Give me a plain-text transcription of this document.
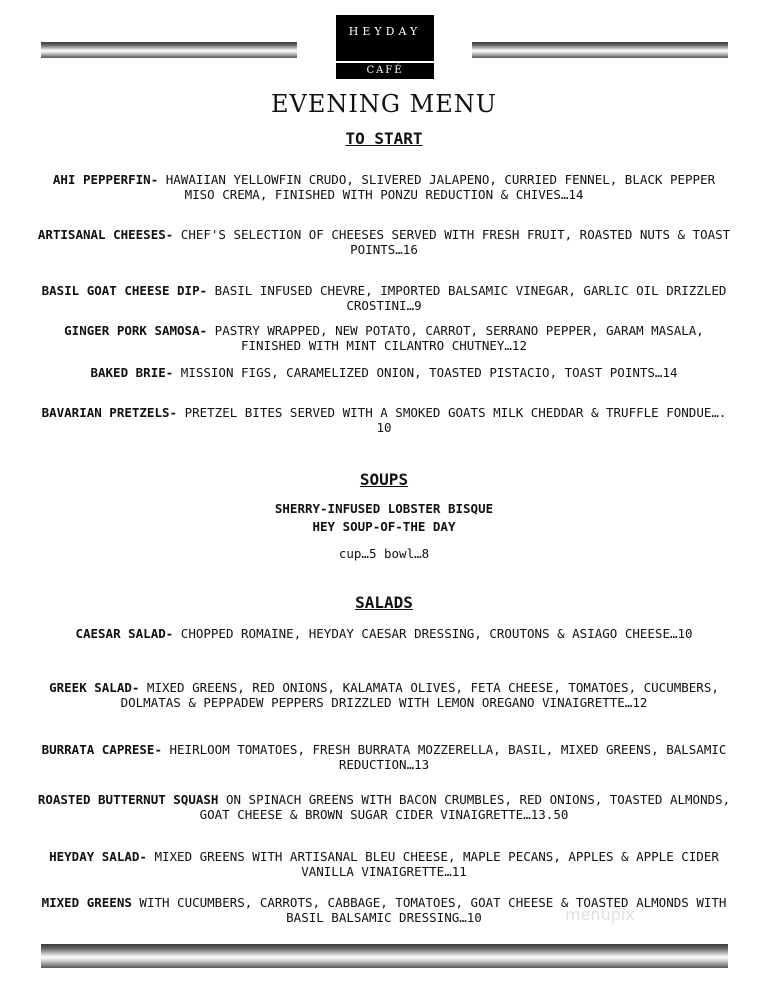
HEYDAY
CAFÉ
EVENING MENU
TO START
AHI PEPPERFIN- HAWAIIAN YELLOWFIN CRUDO, SLIVERED JALAPENO, CURRIED FENNEL, BLACK PEPPER MISO CREMA, FINISHED WITH PONZU REDUCTION & CHIVES…14
ARTISANAL CHEESES- CHEF'S SELECTION OF CHEESES SERVED WITH FRESH FRUIT, ROASTED NUTS & TOAST POINTS…16
BASIL GOAT CHEESE DIP- BASIL INFUSED CHEVRE, IMPORTED BALSAMIC VINEGAR, GARLIC OIL DRIZZLED CROSTINI…9
GINGER PORK SAMOSA- PASTRY WRAPPED, NEW POTATO, CARROT, SERRANO PEPPER, GARAM MASALA, FINISHED WITH MINT CILANTRO CHUTNEY…12
BAKED BRIE- MISSION FIGS, CARAMELIZED ONION, TOASTED PISTACIO, TOAST POINTS…14
BAVARIAN PRETZELS- PRETZEL BITES SERVED WITH A SMOKED GOATS MILK CHEDDAR & TRUFFLE FONDUE…. 10
SOUPS
SHERRY-INFUSED LOBSTER BISQUE
HEY SOUP-OF-THE DAY
cup…5 bowl…8
SALADS
CAESAR SALAD- CHOPPED ROMAINE, HEYDAY CAESAR DRESSING, CROUTONS & ASIAGO CHEESE…10
GREEK SALAD- MIXED GREENS, RED ONIONS, KALAMATA OLIVES, FETA CHEESE, TOMATOES, CUCUMBERS, DOLMATAS & PEPPADEW PEPPERS DRIZZLED WITH LEMON OREGANO VINAIGRETTE…12
BURRATA CAPRESE- HEIRLOOM TOMATOES, FRESH BURRATA MOZZERELLA, BASIL, MIXED GREENS, BALSAMIC REDUCTION…13
ROASTED BUTTERNUT SQUASH ON SPINACH GREENS WITH BACON CRUMBLES, RED ONIONS, TOASTED ALMONDS, GOAT CHEESE & BROWN SUGAR CIDER VINAIGRETTE…13.50
HEYDAY SALAD- MIXED GREENS WITH ARTISANAL BLEU CHEESE, MAPLE PECANS, APPLES & APPLE CIDER VANILLA VINAIGRETTE…11
MIXED GREENS WITH CUCUMBERS, CARROTS, CABBAGE, TOMATOES, GOAT CHEESE & TOASTED ALMONDS WITH BASIL BALSAMIC DRESSING…10	menupix
